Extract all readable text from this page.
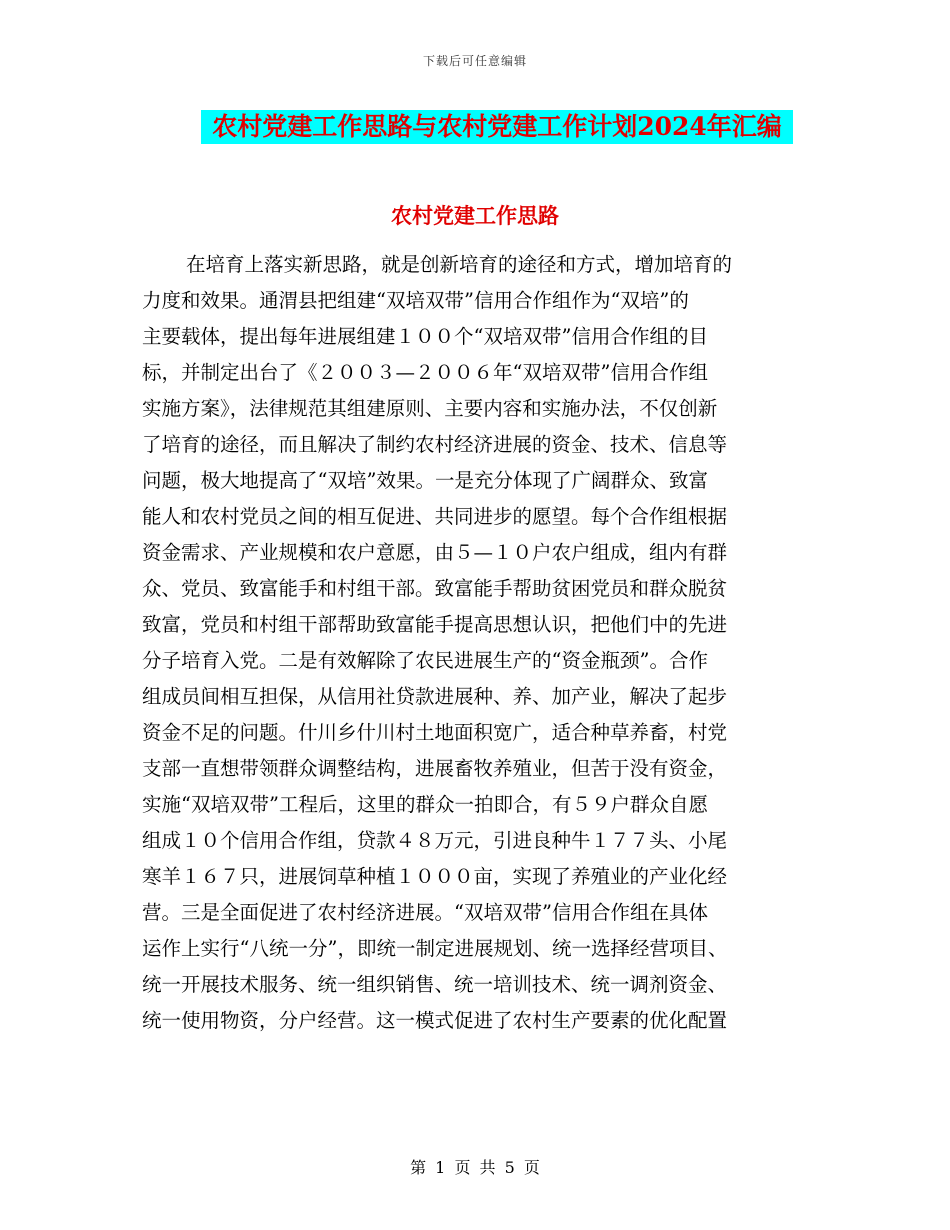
下载后可任意编辑
农村党建工作思路与农村党建工作计划2024年汇编
农村党建工作思路
在培育上落实新思路，就是创新培育的途径和方式，增加培育的
力度和效果。通渭县把组建“双培双带”信用合作组作为“双培”的
主要载体，提出每年进展组建１００个“双培双带”信用合作组的目
标，并制定出台了《２００３—２００６年“双培双带”信用合作组
实施方案》，法律规范其组建原则、主要内容和实施办法，不仅创新
了培育的途径，而且解决了制约农村经济进展的资金、技术、信息等
问题，极大地提高了“双培”效果。一是充分体现了广阔群众、致富
能人和农村党员之间的相互促进、共同进步的愿望。每个合作组根据
资金需求、产业规模和农户意愿，由５—１０户农户组成，组内有群
众、党员、致富能手和村组干部。致富能手帮助贫困党员和群众脱贫
致富，党员和村组干部帮助致富能手提高思想认识，把他们中的先进
分子培育入党。二是有效解除了农民进展生产的“资金瓶颈”。合作
组成员间相互担保，从信用社贷款进展种、养、加产业，解决了起步
资金不足的问题。什川乡什川村土地面积宽广，适合种草养畜，村党
支部一直想带领群众调整结构，进展畜牧养殖业，但苦于没有资金，
实施“双培双带”工程后，这里的群众一拍即合，有５９户群众自愿
组成１０个信用合作组，贷款４８万元，引进良种牛１７７头、小尾
寒羊１６７只，进展饲草种植１０００亩，实现了养殖业的产业化经
营。三是全面促进了农村经济进展。“双培双带”信用合作组在具体
运作上实行“八统一分”，即统一制定进展规划、统一选择经营项目、
统一开展技术服务、统一组织销售、统一培训技术、统一调剂资金、
统一使用物资，分户经营。这一模式促进了农村生产要素的优化配置
第 1 页 共 5 页
